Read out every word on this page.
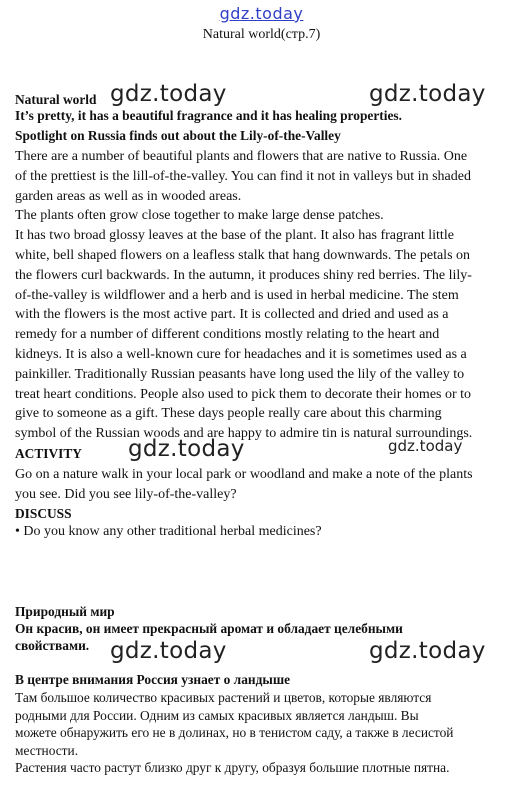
gdz.today
Natural world(стр.7)
Natural world gdz.today	gdz.today
It’s pretty, it has a beautiful fragrance and it has healing properties.
Spotlight on Russia finds out about the Lily-of-the-Valley
There are a number of beautiful plants and flowers that are native to Russia. One
of the prettiest is the lill-of-the-valley. You can find it not in valleys but in shaded
garden areas as well as in wooded areas.
The plants often grow close together to make large dense patches.
It has two broad glossy leaves at the base of the plant. It also has fragrant little
white, bell shaped flowers on a leafless stalk that hang downwards. The petals on
the flowers curl backwards. In the autumn, it produces shiny red berries. The lily-
of-the-valley is wildflower and a herb and is used in herbal medicine. The stem
with the flowers is the most active part. It is collected and dried and used as a
remedy for a number of different conditions mostly relating to the heart and
kidneys. It is also a well-known cure for headaches and it is sometimes used as a
painkiller. Traditionally Russian peasants have long used the lily of the valley to
treat heart conditions. People also used to pick them to decorate their homes or to
give to someone as a gift. These days people really care about this charming
symbol of the Russian woods and are happy to admire tin is natural surroundings.
gdz.today
ACTIVITY gdz.today
Go on a nature walk in your local park or woodland and make a note of the plants
you see. Did you see lily-of-the-valley?
DISCUSS
• Do you know any other traditional herbal medicines?
Природный мир
Он красив, он имеет прекрасный аромат и обладает целебными
свойствами. gdz.today	gdz.today
В центре внимания Россия узнает о ландыше
Там большое количество красивых растений и цветов, которые являются
родными для России. Одним из самых красивых является ландыш. Вы
можете обнаружить его не в долинах, но в тенистом саду, а также в лесистой
местности.
Растения часто растут близко друг к другу, образуя большие плотные пятна.
